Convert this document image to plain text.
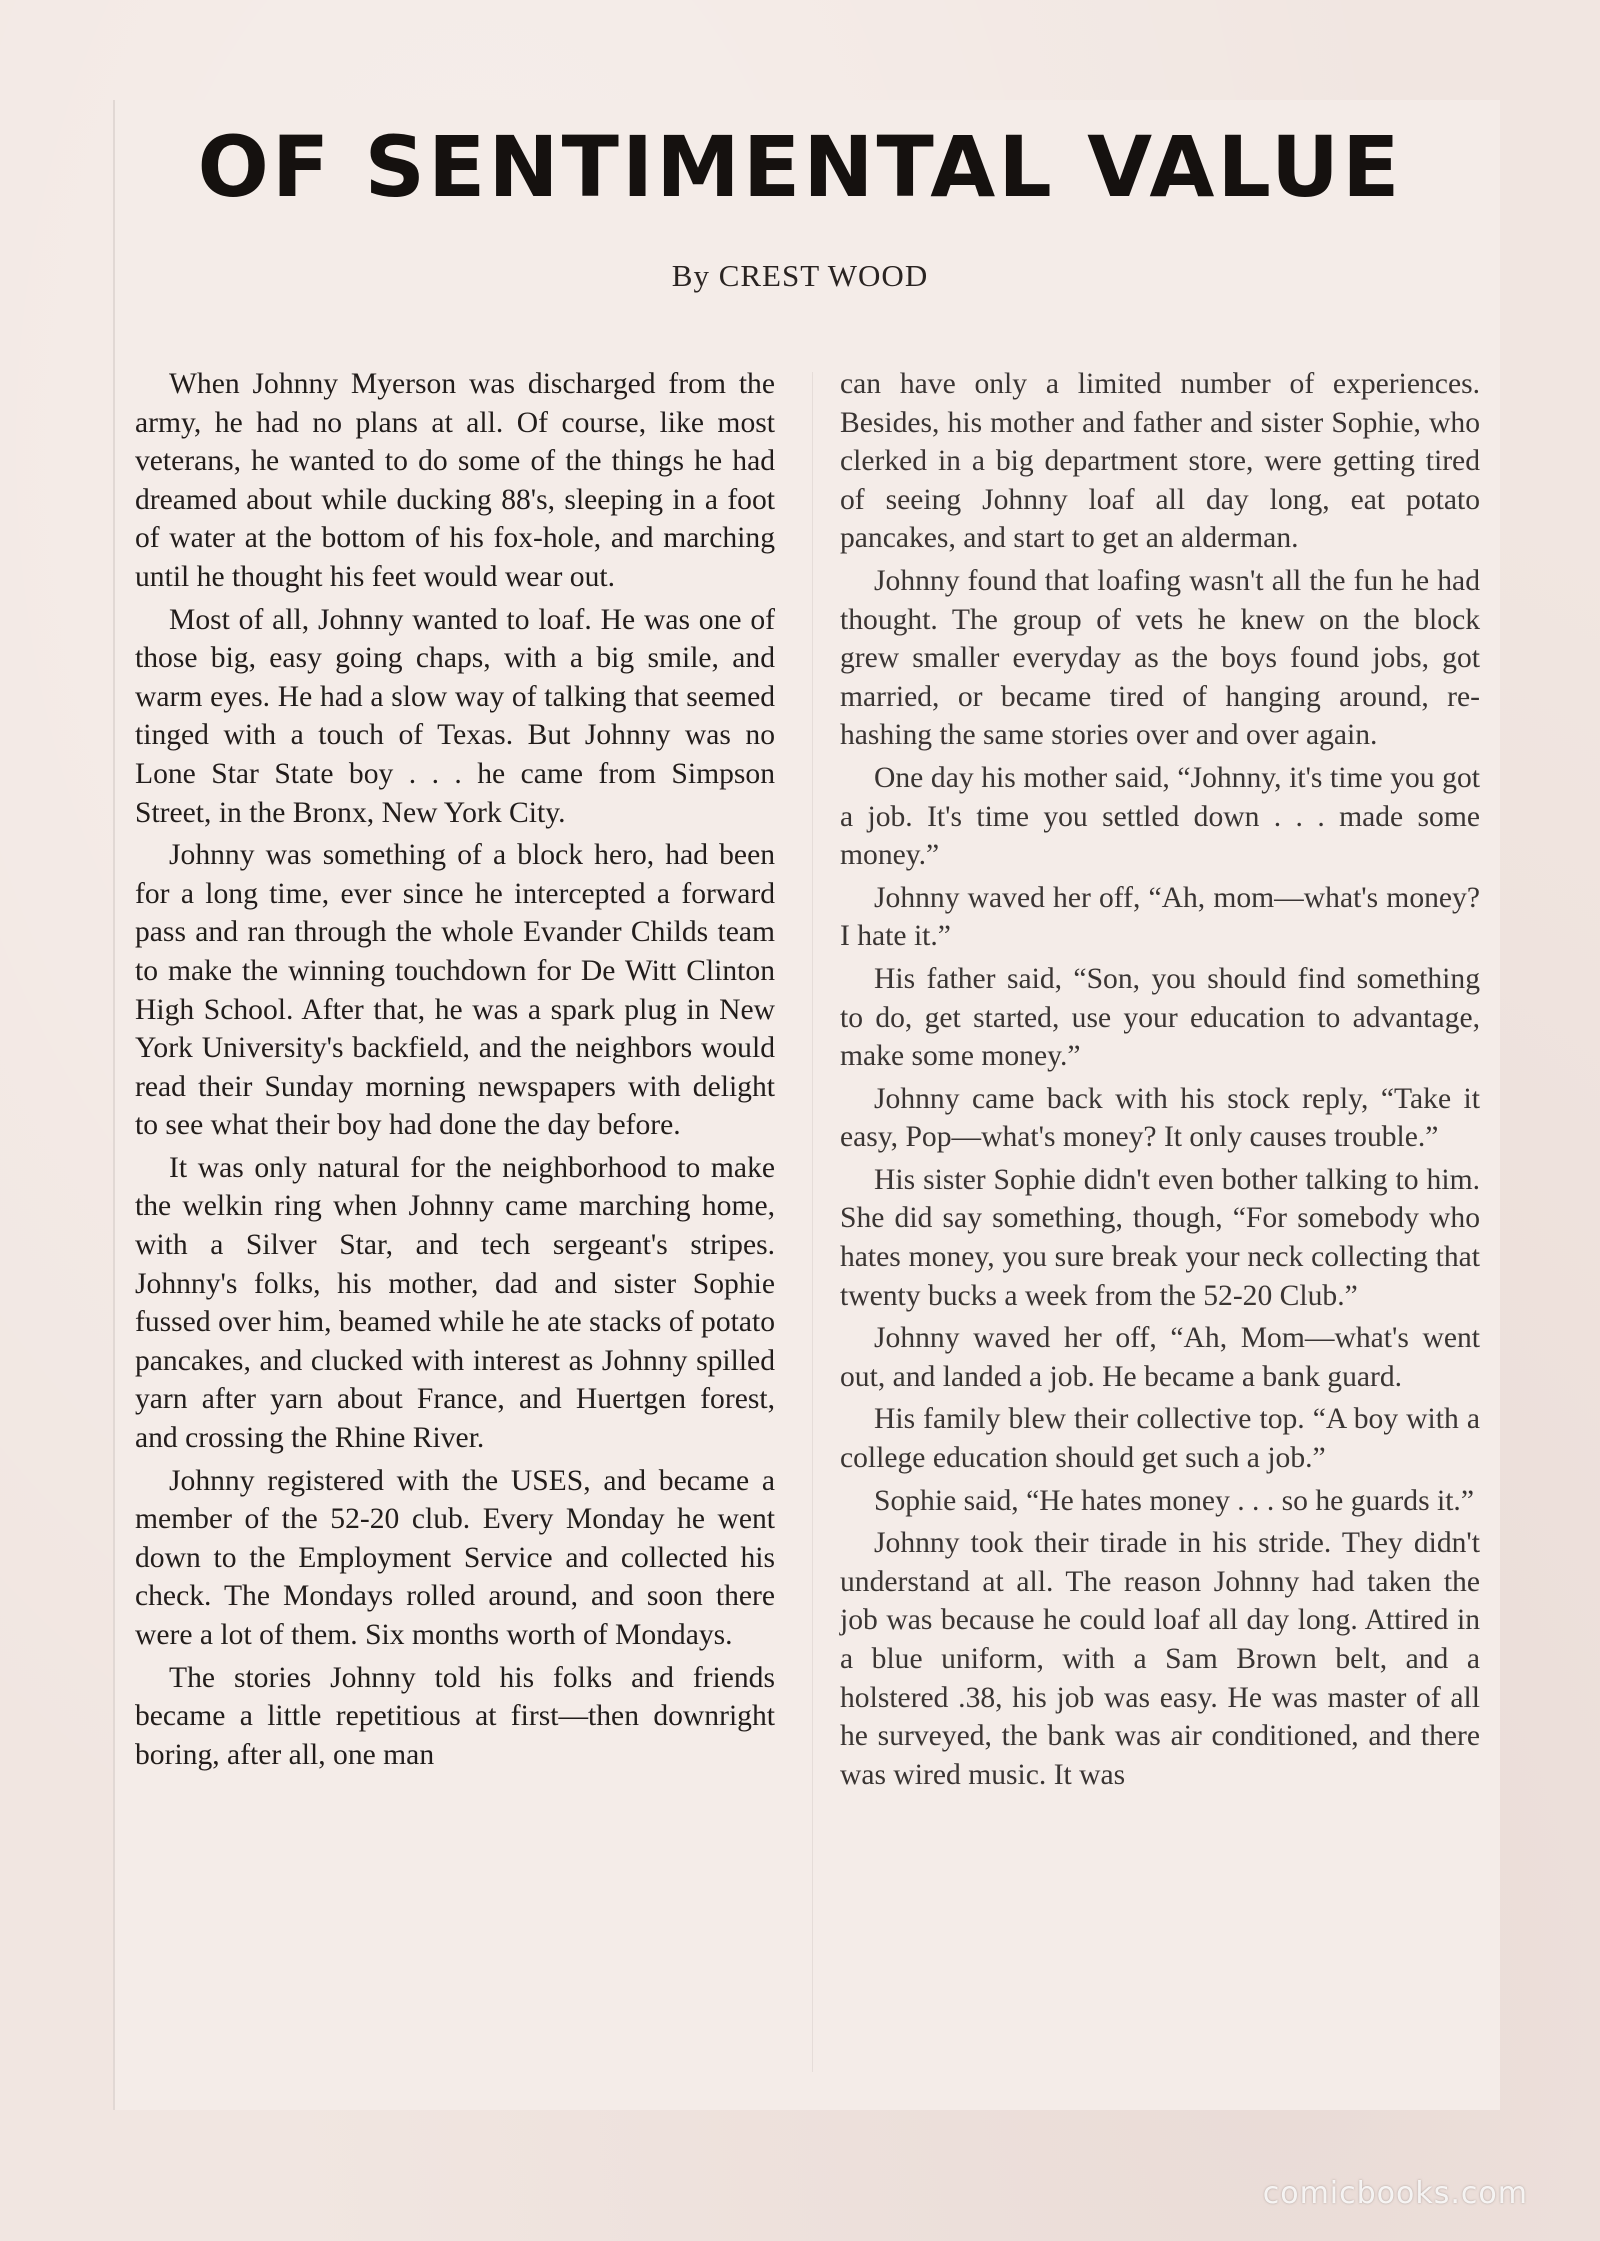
OF SENTIMENTAL VALUE
By CREST WOOD

When Johnny Myerson was discharged from the army, he had no plans at all. Of course, like most veterans, he wanted to do some of the things he had dreamed about while ducking 88's, sleeping in a foot of water at the bottom of his fox-hole, and marching until he thought his feet would wear out.

Most of all, Johnny wanted to loaf. He was one of those big, easy going chaps, with a big smile, and warm eyes. He had a slow way of talking that seemed tinged with a touch of Texas. But Johnny was no Lone Star State boy . . . he came from Simpson Street, in the Bronx, New York City.

Johnny was something of a block hero, had been for a long time, ever since he intercepted a forward pass and ran through the whole Evander Childs team to make the winning touchdown for De Witt Clinton High School. After that, he was a spark plug in New York University's backfield, and the neighbors would read their Sunday morning newspapers with delight to see what their boy had done the day before.

It was only natural for the neighborhood to make the welkin ring when Johnny came marching home, with a Silver Star, and tech sergeant's stripes. Johnny's folks, his mother, dad and sister Sophie fussed over him, beamed while he ate stacks of potato pancakes, and clucked with interest as Johnny spilled yarn after yarn about France, and Huertgen forest, and crossing the Rhine River.

Johnny registered with the USES, and became a member of the 52-20 club. Every Monday he went down to the Employment Service and collected his check. The Mondays rolled around, and soon there were a lot of them. Six months worth of Mondays.

The stories Johnny told his folks and friends became a little repetitious at first—then downright boring, after all, one man

can have only a limited number of experiences. Besides, his mother and father and sister Sophie, who clerked in a big department store, were getting tired of seeing Johnny loaf all day long, eat potato pancakes, and start to get an alderman.

Johnny found that loafing wasn't all the fun he had thought. The group of vets he knew on the block grew smaller everyday as the boys found jobs, got married, or became tired of hanging around, re-hashing the same stories over and over again.

One day his mother said, “Johnny, it's time you got a job. It's time you settled down . . . made some money.”

Johnny waved her off, “Ah, mom—what's money? I hate it.”

His father said, “Son, you should find something to do, get started, use your education to advantage, make some money.”

Johnny came back with his stock reply, “Take it easy, Pop—what's money? It only causes trouble.”

His sister Sophie didn't even bother talking to him. She did say something, though, “For somebody who hates money, you sure break your neck collecting that twenty bucks a week from the 52-20 Club.”

Johnny waved her off, “Ah, Mom—what's went out, and landed a job. He became a bank guard.

His family blew their collective top. “A boy with a college education should get such a job.”

Sophie said, “He hates money . . . so he guards it.”

Johnny took their tirade in his stride. They didn't understand at all. The reason Johnny had taken the job was because he could loaf all day long. Attired in a blue uniform, with a Sam Brown belt, and a holstered .38, his job was easy. He was master of all he surveyed, the bank was air conditioned, and there was wired music. It was

comicbooks.com
